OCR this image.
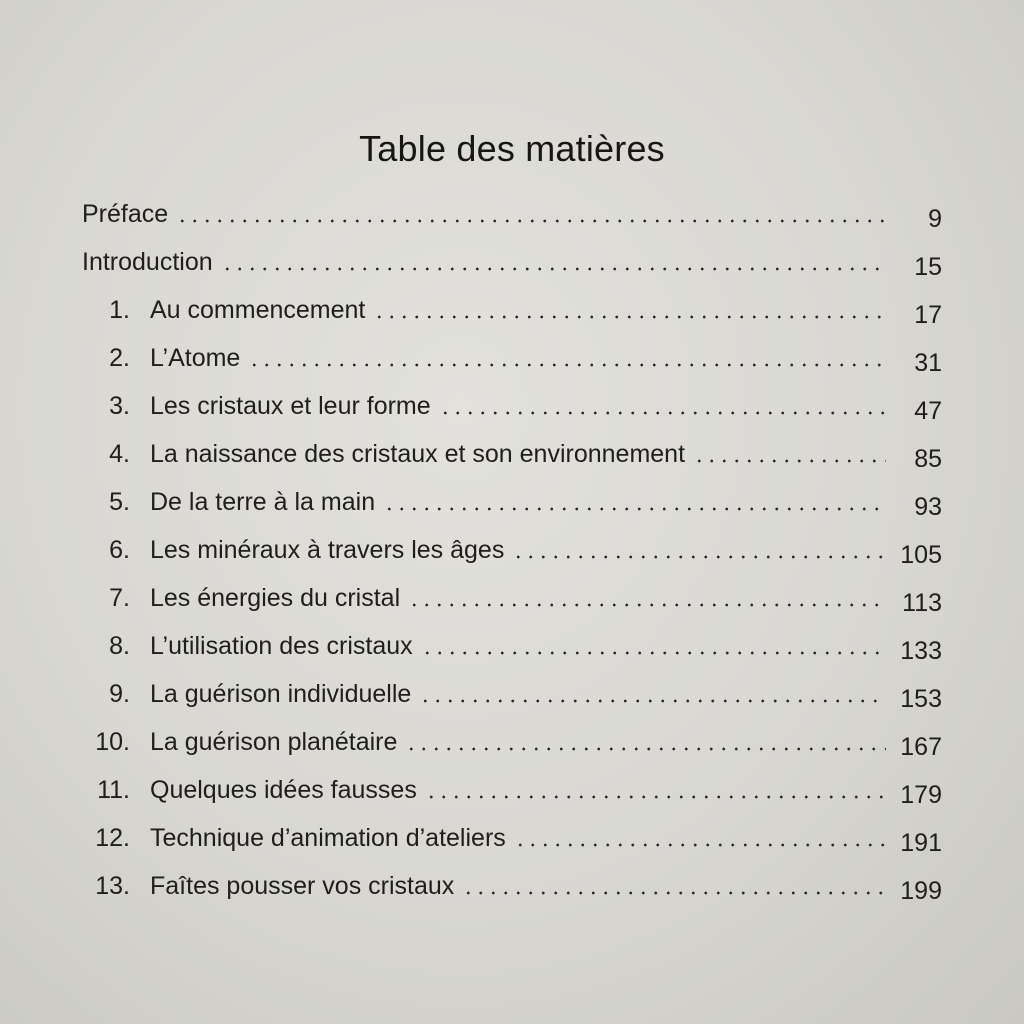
Table des matières
Préface	9
Introduction	15
1. Au commencement	17
2. L’Atome	31
3. Les cristaux et leur forme	47
4. La naissance des cristaux et son environnement	85
5. De la terre à la main	93
6. Les minéraux à travers les âges	105
7. Les énergies du cristal	113
8. L’utilisation des cristaux	133
9. La guérison individuelle	153
10. La guérison planétaire	167
11. Quelques idées fausses	179
12. Technique d’animation d’ateliers	191
13. Faîtes pousser vos cristaux	199
